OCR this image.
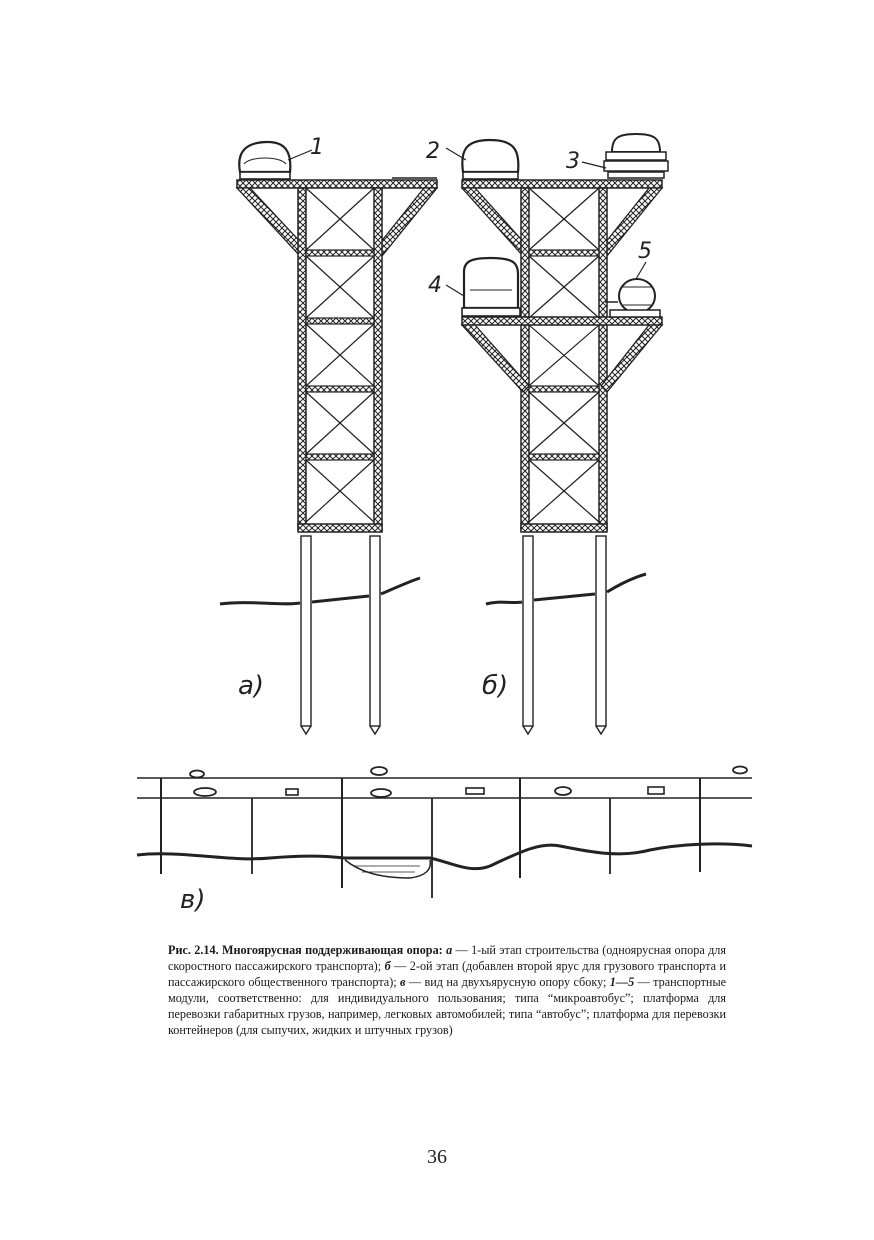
1	2	3
4
5
а)	б)
в)
Рис. 2.14. Многоярусная поддерживающая опора: а — 1-ый этап строительства (одноярусная опора для скоростного пассажирского транспорта); б — 2-ой этап (добавлен второй ярус для грузового транспорта и пассажирского общественного транспорта); в — вид на двухъярусную опору сбоку; 1—5 — транспортные модули, соответственно: для индивидуального пользования; типа “микроавтобус”; платформа для перевозки габаритных грузов, например, легковых автомобилей; типа “автобус”; платформа для перевозки контейнеров (для сыпучих, жидких и штучных грузов)
36
